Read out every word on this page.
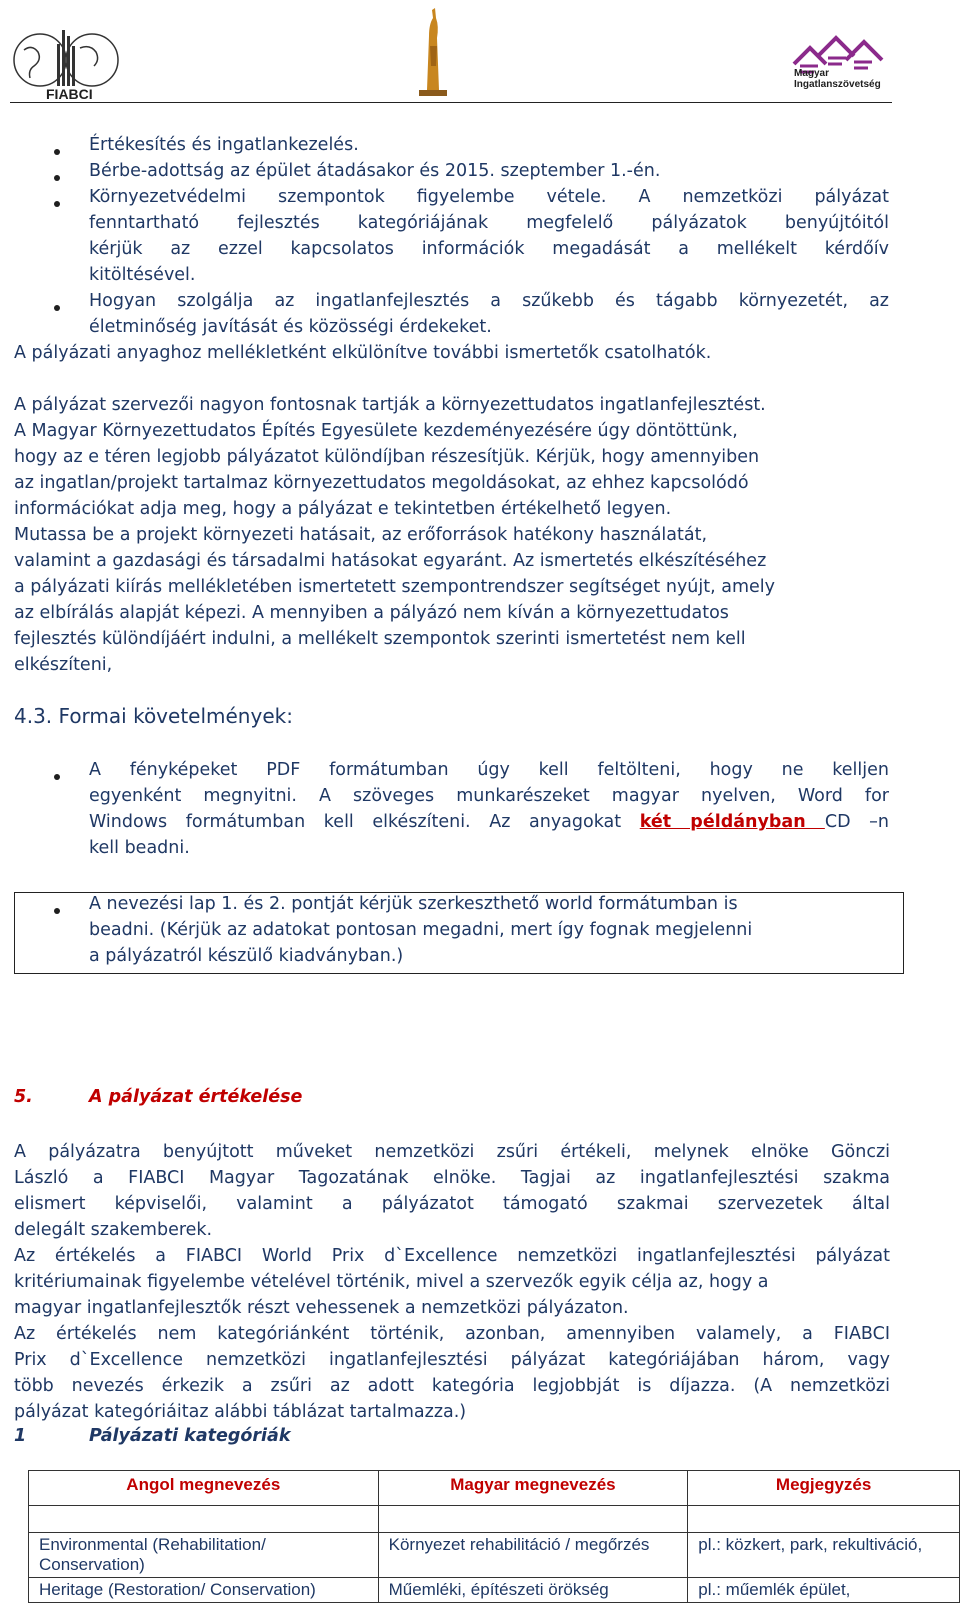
FIABCI
Magyar
Ingatlanszövetség
Értékesítés és ingatlankezelés.
Bérbe-adottság az épület átadásakor és 2015. szeptember 1.-én.
Környezetvédelmi szempontok figyelembe vétele. A nemzetközi pályázat
fenntartható fejlesztés kategóriájának megfelelő pályázatok benyújtóitól
kérjük az ezzel kapcsolatos információk megadását a mellékelt kérdőív
kitöltésével.
Hogyan szolgálja az ingatlanfejlesztés a szűkebb és tágabb környezetét, az
életminőség javítását és közösségi érdekeket.
A pályázati anyaghoz mellékletként elkülönítve további ismertetők csatolhatók.
A pályázat szervezői nagyon fontosnak tartják a környezettudatos ingatlanfejlesztést.
A Magyar Környezettudatos Építés Egyesülete kezdeményezésére úgy döntöttünk,
hogy az e téren legjobb pályázatot különdíjban részesítjük. Kérjük, hogy amennyiben
az ingatlan/projekt tartalmaz környezettudatos megoldásokat, az ehhez kapcsolódó
információkat adja meg, hogy a pályázat e tekintetben értékelhető legyen.
Mutassa be a projekt környezeti hatásait, az erőforrások hatékony használatát,
valamint a gazdasági és társadalmi hatásokat egyaránt. Az ismertetés elkészítéséhez
a pályázati kiírás mellékletében ismertetett szempontrendszer segítséget nyújt, amely
az elbírálás alapját képezi. A mennyiben a pályázó nem kíván a környezettudatos
fejlesztés különdíjáért indulni, a mellékelt szempontok szerinti ismertetést nem kell
elkészíteni,
4.3. Formai követelmények:
A fényképeket PDF formátumban úgy kell feltölteni, hogy ne kelljen
egyenként megnyitni. A szöveges munkarészeket magyar nyelven, Word for
Windows formátumban kell elkészíteni. Az anyagokat két példányban CD –n
kell beadni.
A nevezési lap 1. és 2. pontját kérjük szerkeszthető world formátumban is
beadni. (Kérjük az adatokat pontosan megadni, mert így fognak megjelenni
a pályázatról készülő kiadványban.)
5.	A pályázat értékelése
A pályázatra benyújtott műveket nemzetközi zsűri értékeli, melynek elnöke Gönczi
László a FIABCI Magyar Tagozatának elnöke. Tagjai az ingatlanfejlesztési szakma
elismert képviselői, valamint a pályázatot támogató szakmai szervezetek által
delegált szakemberek.
Az értékelés a FIABCI World Prix d`Excellence nemzetközi ingatlanfejlesztési pályázat
kritériumainak figyelembe vételével történik, mivel a szervezők egyik célja az, hogy a
magyar ingatlanfejlesztők részt vehessenek a nemzetközi pályázaton.
Az értékelés nem kategóriánként történik, azonban, amennyiben valamely, a FIABCI
Prix d`Excellence nemzetközi ingatlanfejlesztési pályázat kategóriájában három, vagy
több nevezés érkezik a zsűri az adott kategória legjobbját is díjazza. (A nemzetközi
pályázat kategóriáitaz alábbi táblázat tartalmazza.)
1	Pályázati kategóriák
Angol megnevezés	Magyar megnevezés	Megjegyzés

Environmental (Rehabilitation/ Conservation)	Környezet rehabilitáció / megőrzés	pl.: közkert, park, rekultiváció,
Heritage (Restoration/ Conservation)	Műemléki, építészeti örökség	pl.: műemlék épület,
